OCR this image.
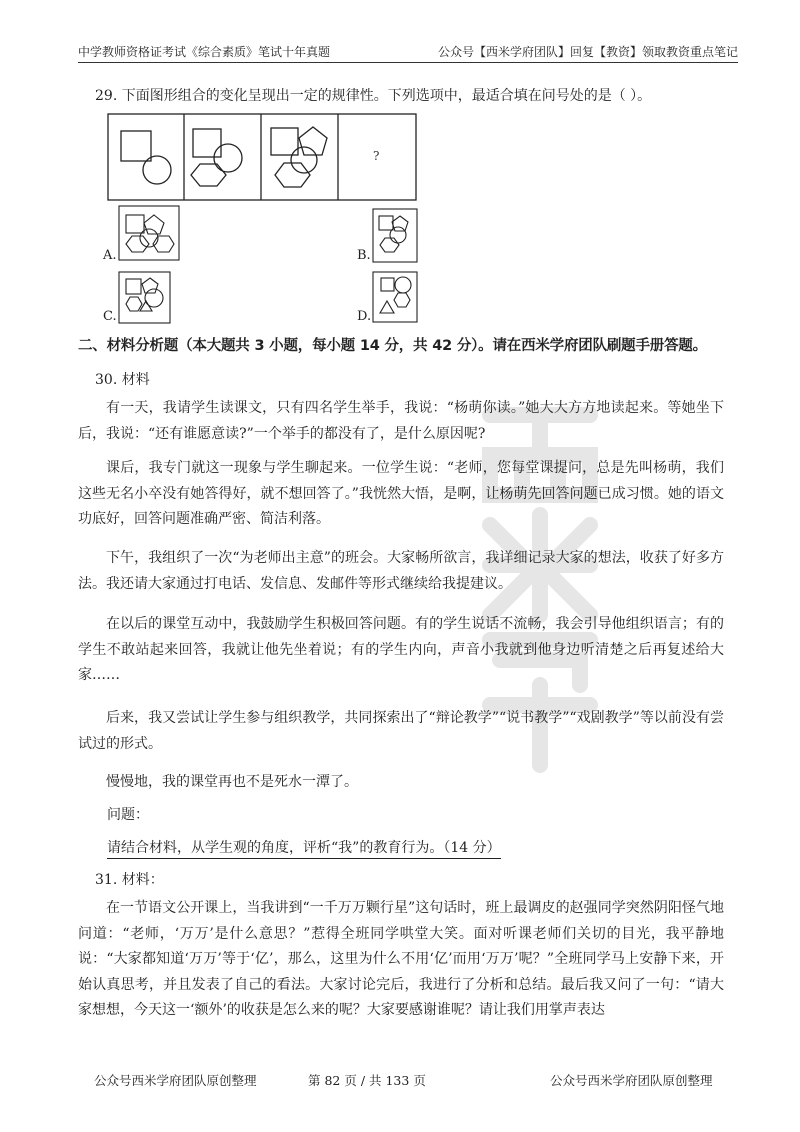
中学教师资格证考试《综合素质》笔试十年真题	公众号【西米学府团队】回复【教资】领取教资重点笔记
29. 下面图形组合的变化呈现出一定的规律性。下列选项中，最适合填在问号处的是（ ）。
?
A.	B.
C.	D.
二、材料分析题（本大题共 3 小题，每小题 14 分，共 42 分）。请在西米学府团队刷题手册答题。
30. 材料
有一天，我请学生读课文，只有四名学生举手，我说：“杨萌你读。”她大大方方地读起来。等她坐下后，我说：“还有谁愿意读?”一个举手的都没有了，是什么原因呢?
课后，我专门就这一现象与学生聊起来。一位学生说：“老师，您每堂课提问，总是先叫杨萌，我们这些无名小卒没有她答得好，就不想回答了。”我恍然大悟，是啊，让杨萌先回答问题已成习惯。她的语文功底好，回答问题准确严密、简洁利落。
下午，我组织了一次“为老师出主意”的班会。大家畅所欲言，我详细记录大家的想法，收获了好多方法。我还请大家通过打电话、发信息、发邮件等形式继续给我提建议。
在以后的课堂互动中，我鼓励学生积极回答问题。有的学生说话不流畅，我会引导他组织语言；有的学生不敢站起来回答，我就让他先坐着说；有的学生内向，声音小我就到他身边听清楚之后再复述给大家……
后来，我又尝试让学生参与组织教学，共同探索出了“辩论教学”“说书教学”“戏剧教学”等以前没有尝试过的形式。
慢慢地，我的课堂再也不是死水一潭了。
问题：
请结合材料，从学生观的角度，评析“我”的教育行为。（14 分）
31. 材料：
在一节语文公开课上，当我讲到“一千万万颗行星”这句话时，班上最调皮的赵强同学突然阴阳怪气地问道：“老师，‘万万’是什么意思？”惹得全班同学哄堂大笑。面对听课老师们关切的目光，我平静地说：“大家都知道‘万万’等于‘亿’，那么，这里为什么不用‘亿’而用‘万万’呢？”全班同学马上安静下来，开始认真思考，并且发表了自己的看法。大家讨论完后，我进行了分析和总结。最后我又问了一句：“请大家想想，今天这一‘额外’的收获是怎么来的呢？大家要感谢谁呢？请让我们用掌声表达
公众号西米学府团队原创整理	第 82 页 / 共 133 页	公众号西米学府团队原创整理
